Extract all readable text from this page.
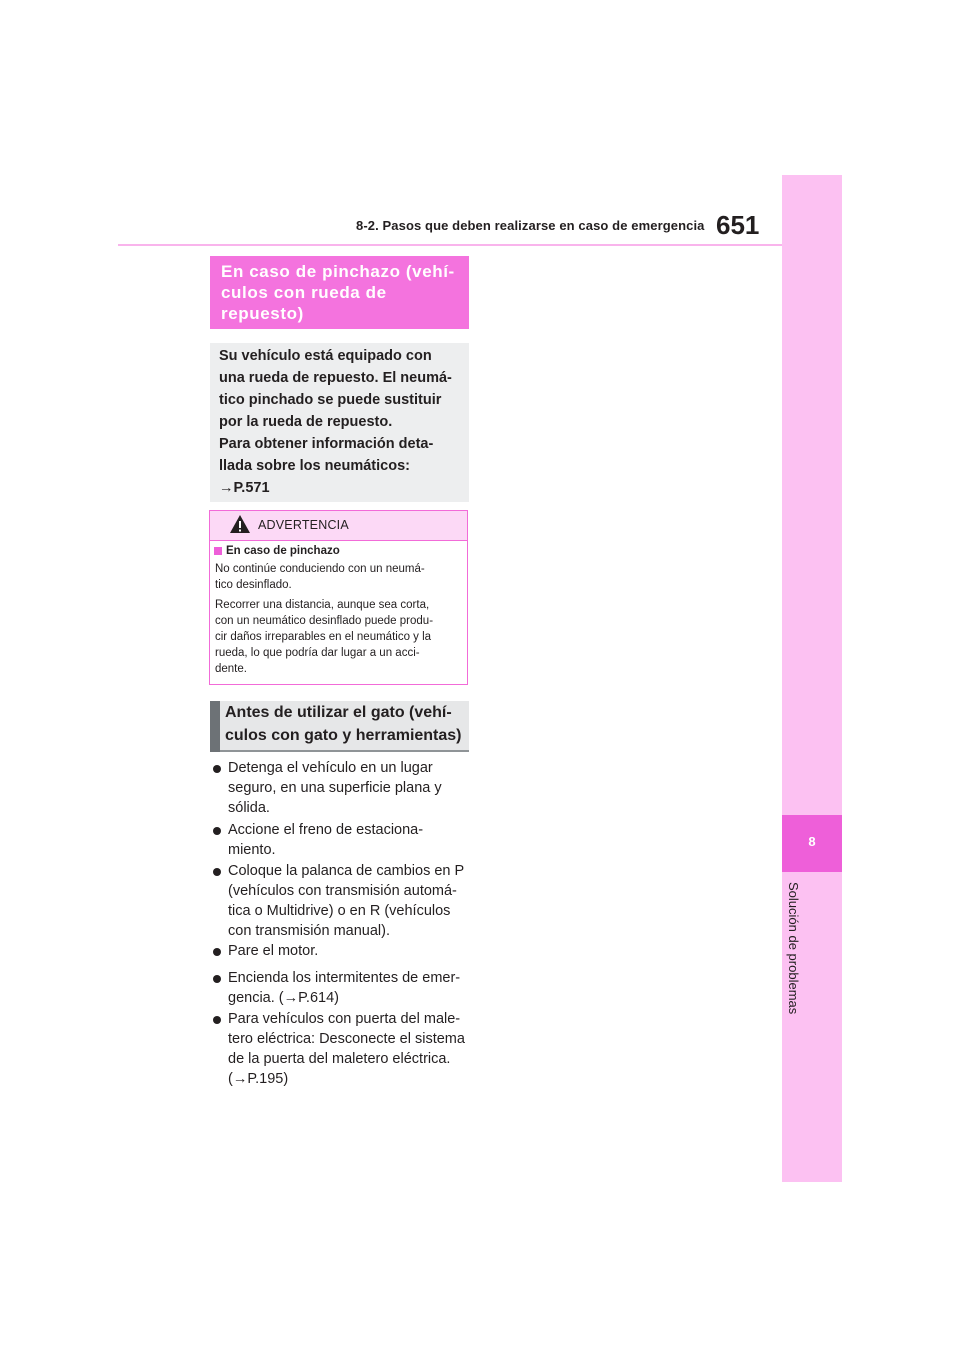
8-2. Pasos que deben realizarse en caso de emergencia 651
8
Solución de problemas
En caso de pinchazo (vehí-
culos con rueda de
repuesto)
Su vehículo está equipado con
una rueda de repuesto. El neumá-
tico pinchado se puede sustituir
por la rueda de repuesto.
Para obtener información deta-
llada sobre los neumáticos:
→P.571
ADVERTENCIA
En caso de pinchazo
No continúe conduciendo con un neumá-
tico desinflado.
Recorrer una distancia, aunque sea corta,
con un neumático desinflado puede produ-
cir daños irreparables en el neumático y la
rueda, lo que podría dar lugar a un acci-
dente.
Antes de utilizar el gato (vehí-
culos con gato y herramientas)
Detenga el vehículo en un lugar
seguro, en una superficie plana y
sólida.
Accione el freno de estaciona-
miento.
Coloque la palanca de cambios en P
(vehículos con transmisión automá-
tica o Multidrive) o en R (vehículos
con transmisión manual).
Pare el motor.
Encienda los intermitentes de emer-
gencia. (→P.614)
Para vehículos con puerta del male-
tero eléctrica: Desconecte el sistema
de la puerta del maletero eléctrica.
(→P.195)
